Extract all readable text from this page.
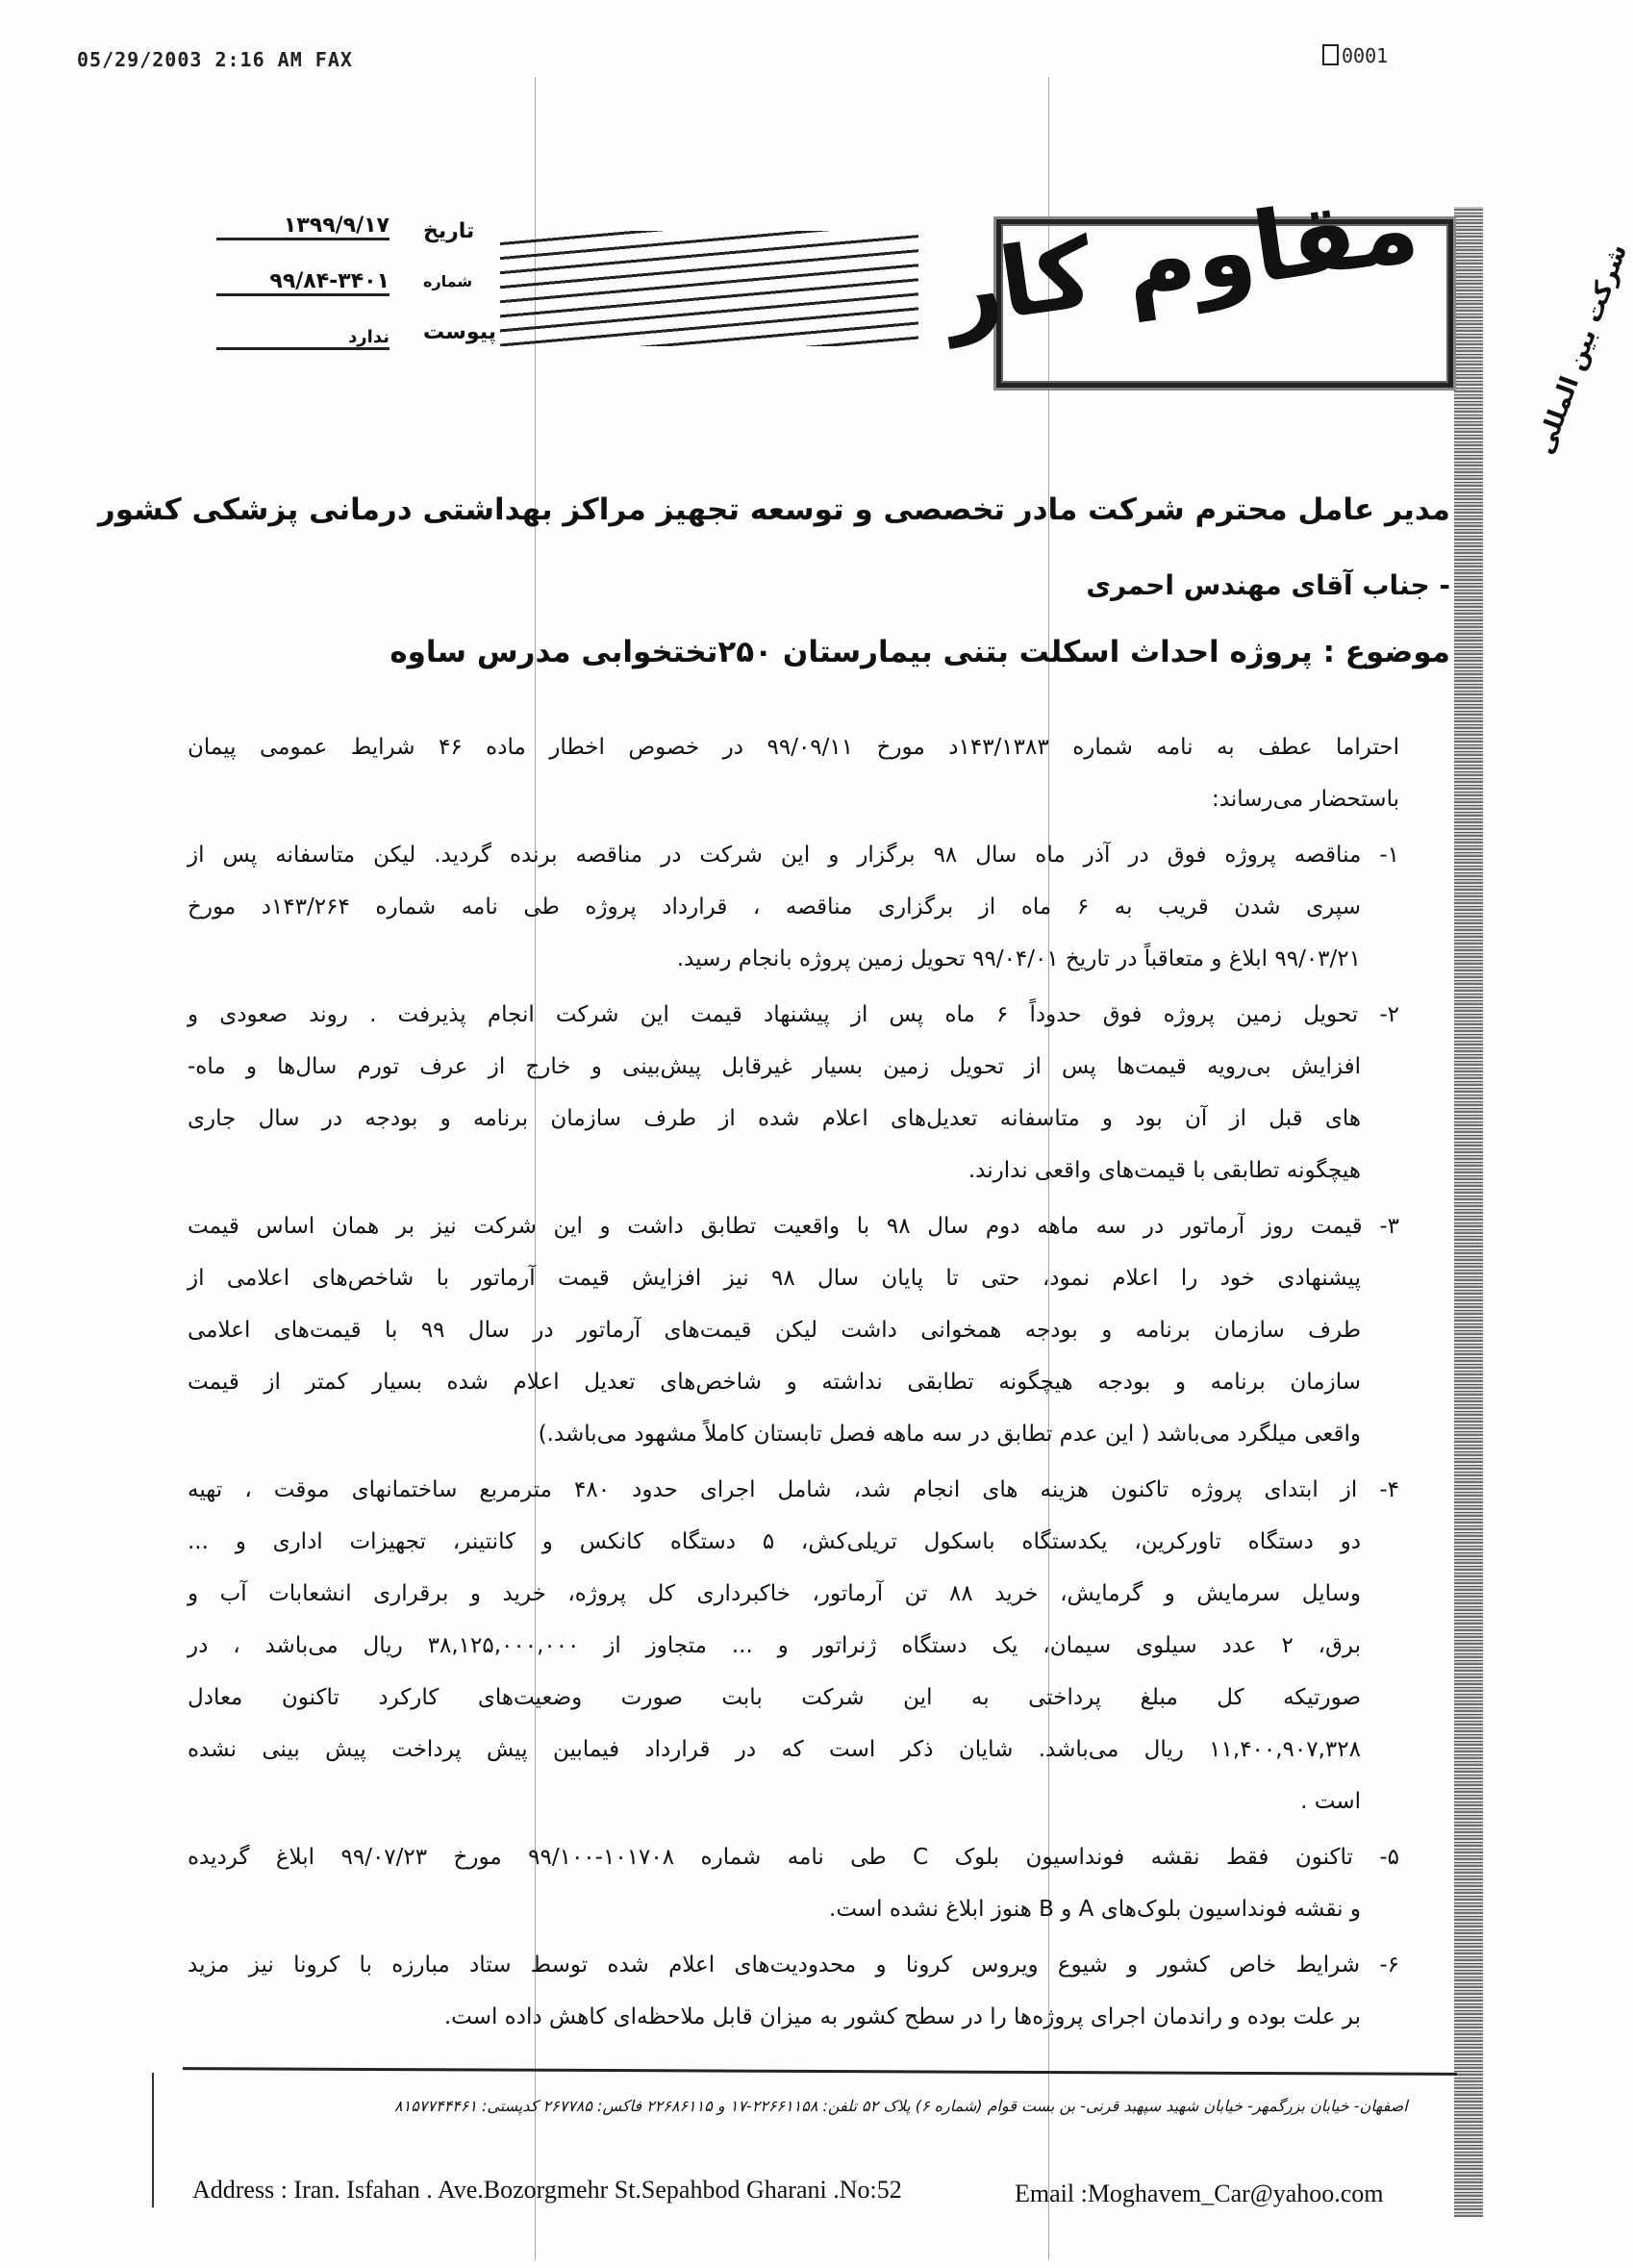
05/29/2003 2:16 AM FAX	0001
مقاوم کار	شرکت بین المللی
تاریخ
۱۳۹۹/۹/۱۷
شماره
۹۹/۸۴-۳۴۰۱
پیوست
ندارد
مدیر عامل محترم شرکت مادر تخصصی و توسعه تجهیز مراکز بهداشتی درمانی پزشکی کشور
- جناب آقای مهندس احمری
موضوع : پروژه احداث اسکلت بتنی بیمارستان ۲۵۰تختخوابی مدرس ساوه
احتراما عطف به نامه شماره ۱۴۳/۱۳۸۳د مورخ ۹۹/۰۹/۱۱ در خصوص اخطار ماده ۴۶ شرایط عمومی پیمان
باستحضار می‌رساند:
۱- مناقصه پروژه فوق در آذر ماه سال ۹۸ برگزار و این شرکت در مناقصه برنده گردید. لیکن متاسفانه پس از
سپری شدن قریب به ۶ ماه از برگزاری مناقصه ، قرارداد پروژه طی نامه شماره ۱۴۳/۲۶۴د مورخ
۹۹/۰۳/۲۱ ابلاغ و متعاقباً در تاریخ ۹۹/۰۴/۰۱ تحویل زمین پروژه بانجام رسید.
۲- تحویل زمین پروژه فوق حدوداً ۶ ماه پس از پیشنهاد قیمت این شرکت انجام پذیرفت . روند صعودی و
افزایش بی‌رویه قیمت‌ها پس از تحویل زمین بسیار غیرقابل پیش‌بینی و خارج از عرف تورم سال‌ها و ماه-
های قبل از آن بود و متاسفانه تعدیل‌های اعلام شده از طرف سازمان برنامه و بودجه در سال جاری
هیچگونه تطابقی با قیمت‌های واقعی ندارند.
۳- قیمت روز آرماتور در سه ماهه دوم سال ۹۸ با واقعیت تطابق داشت و این شرکت نیز بر همان اساس قیمت
پیشنهادی خود را اعلام نمود، حتی تا پایان سال ۹۸ نیز افزایش قیمت آرماتور با شاخص‌های اعلامی از
طرف سازمان برنامه و بودجه همخوانی داشت لیکن قیمت‌های آرماتور در سال ۹۹ با قیمت‌های اعلامی
سازمان برنامه و بودجه هیچگونه تطابقی نداشته و شاخص‌های تعدیل اعلام شده بسیار کمتر از قیمت
واقعی میلگرد می‌باشد ( این عدم تطابق در سه ماهه فصل تابستان کاملاً مشهود می‌باشد.)
۴- از ابتدای پروژه تاکنون هزینه های انجام شد، شامل اجرای حدود ۴۸۰ مترمربع ساختمانهای موقت ، تهیه
دو دستگاه تاورکرین، یکدستگاه باسکول تریلی‌کش، ۵ دستگاه کانکس و کانتینر، تجهیزات اداری و ...
وسایل سرمایش و گرمایش، خرید ۸۸ تن آرماتور، خاکبرداری کل پروژه، خرید و برقراری انشعابات آب و
برق، ۲ عدد سیلوی سیمان، یک دستگاه ژنراتور و ... متجاوز از ۳۸,۱۲۵,۰۰۰,۰۰۰ ریال می‌باشد ، در
صورتیکه کل مبلغ پرداختی به این شرکت بابت صورت وضعیت‌های کارکرد تاکنون معادل
۱۱,۴۰۰,۹۰۷,۳۲۸ ریال می‌باشد. شایان ذکر است که در قرارداد فیمابین پیش پرداخت پیش بینی نشده
است .
۵- تاکنون فقط نقشه فونداسیون بلوک C طی نامه شماره ۱۰۱۷۰۸-۹۹/۱۰۰ مورخ ۹۹/۰۷/۲۳ ابلاغ گردیده
و نقشه فونداسیون بلوک‌های A و B هنوز ابلاغ نشده است.
۶- شرایط خاص کشور و شیوع ویروس کرونا و محدودیت‌های اعلام شده توسط ستاد مبارزه با کرونا نیز مزید
بر علت بوده و راندمان اجرای پروژه‌ها را در سطح کشور به میزان قابل ملاحظه‌ای کاهش داده است.
اصفهان- خیابان بزرگمهر- خیابان شهید سپهبد قرنی- بن بست قوام (شماره ۶) پلاک ۵۲ تلفن: ۲۲۶۶۱۱۵۸-۱۷ و ۲۲۶۸۶۱۱۵ فاکس: ۲۶۷۷۸۵ کدپستی: ۸۱۵۷۷۴۴۴۶۱
Address : Iran. Isfahan . Ave.Bozorgmehr St.Sepahbod Gharani .No:52	Email :Moghavem_Car@yahoo.com
